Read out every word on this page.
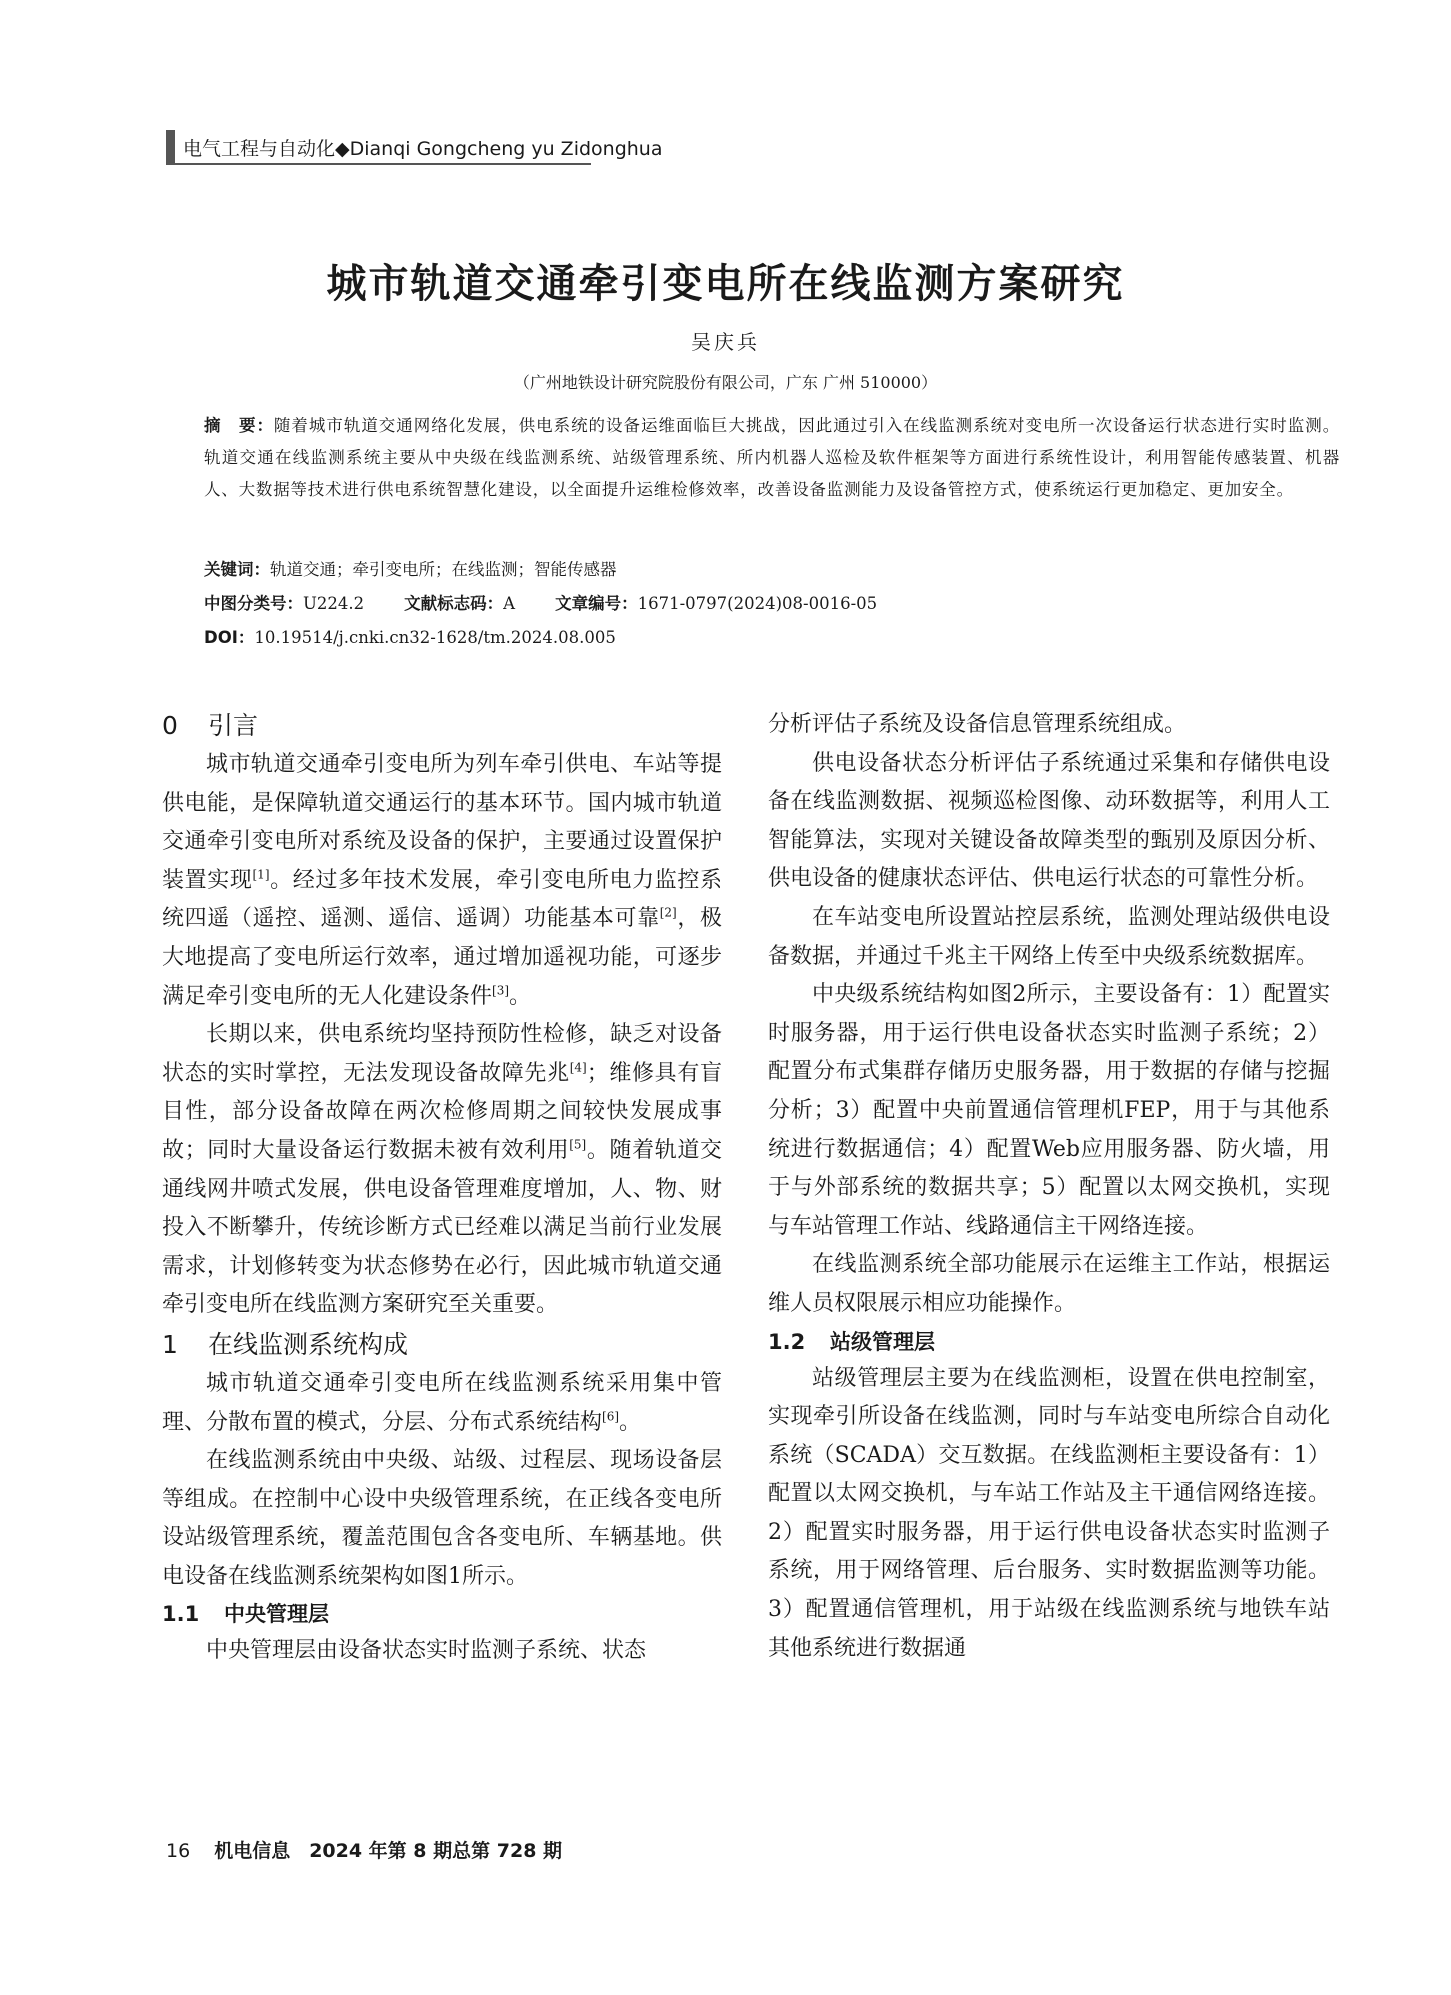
电气工程与自动化◆Dianqi Gongcheng yu Zidonghua
城市轨道交通牵引变电所在线监测方案研究
吴庆兵
（广州地铁设计研究院股份有限公司，广东 广州 510000）
摘　要：随着城市轨道交通网络化发展，供电系统的设备运维面临巨大挑战，因此通过引入在线监测系统对变电所一次设备运行状态进行实时监测。轨道交通在线监测系统主要从中央级在线监测系统、站级管理系统、所内机器人巡检及软件框架等方面进行系统性设计，利用智能传感装置、机器人、大数据等技术进行供电系统智慧化建设，以全面提升运维检修效率，改善设备监测能力及设备管控方式，使系统运行更加稳定、更加安全。
关键词：轨道交通；牵引变电所；在线监测；智能传感器
中图分类号：U224.2 文献标志码：A 文章编号：1671-0797(2024)08-0016-05
DOI：10.19514/j.cnki.cn32-1628/tm.2024.08.005
0 引言

城市轨道交通牵引变电所为列车牵引供电、车站等提供电能，是保障轨道交通运行的基本环节。国内城市轨道交通牵引变电所对系统及设备的保护，主要通过设置保护装置实现[1]。经过多年技术发展，牵引变电所电力监控系统四遥（遥控、遥测、遥信、遥调）功能基本可靠[2]，极大地提高了变电所运行效率，通过增加遥视功能，可逐步满足牵引变电所的无人化建设条件[3]。

长期以来，供电系统均坚持预防性检修，缺乏对设备状态的实时掌控，无法发现设备故障先兆[4]；维修具有盲目性，部分设备故障在两次检修周期之间较快发展成事故；同时大量设备运行数据未被有效利用[5]。随着轨道交通线网井喷式发展，供电设备管理难度增加，人、物、财投入不断攀升，传统诊断方式已经难以满足当前行业发展需求，计划修转变为状态修势在必行，因此城市轨道交通牵引变电所在线监测方案研究至关重要。

1 在线监测系统构成

城市轨道交通牵引变电所在线监测系统采用集中管理、分散布置的模式，分层、分布式系统结构[6]。

在线监测系统由中央级、站级、过程层、现场设备层等组成。在控制中心设中央级管理系统，在正线各变电所设站级管理系统，覆盖范围包含各变电所、车辆基地。供电设备在线监测系统架构如图1所示。

1.1 中央管理层

中央管理层由设备状态实时监测子系统、状态

分析评估子系统及设备信息管理系统组成。

供电设备状态分析评估子系统通过采集和存储供电设备在线监测数据、视频巡检图像、动环数据等，利用人工智能算法，实现对关键设备故障类型的甄别及原因分析、供电设备的健康状态评估、供电运行状态的可靠性分析。

在车站变电所设置站控层系统，监测处理站级供电设备数据，并通过千兆主干网络上传至中央级系统数据库。

中央级系统结构如图2所示，主要设备有：1）配置实时服务器，用于运行供电设备状态实时监测子系统；2）配置分布式集群存储历史服务器，用于数据的存储与挖掘分析；3）配置中央前置通信管理机FEP，用于与其他系统进行数据通信；4）配置Web应用服务器、防火墙，用于与外部系统的数据共享；5）配置以太网交换机，实现与车站管理工作站、线路通信主干网络连接。

在线监测系统全部功能展示在运维主工作站，根据运维人员权限展示相应功能操作。

1.2 站级管理层

站级管理层主要为在线监测柜，设置在供电控制室，实现牵引所设备在线监测，同时与车站变电所综合自动化系统（SCADA）交互数据。在线监测柜主要设备有：1）配置以太网交换机，与车站工作站及主干通信网络连接。2）配置实时服务器，用于运行供电设备状态实时监测子系统，用于网络管理、后台服务、实时数据监测等功能。3）配置通信管理机，用于站级在线监测系统与地铁车站其他系统进行数据通

16 机电信息　2024 年第 8 期总第 728 期
